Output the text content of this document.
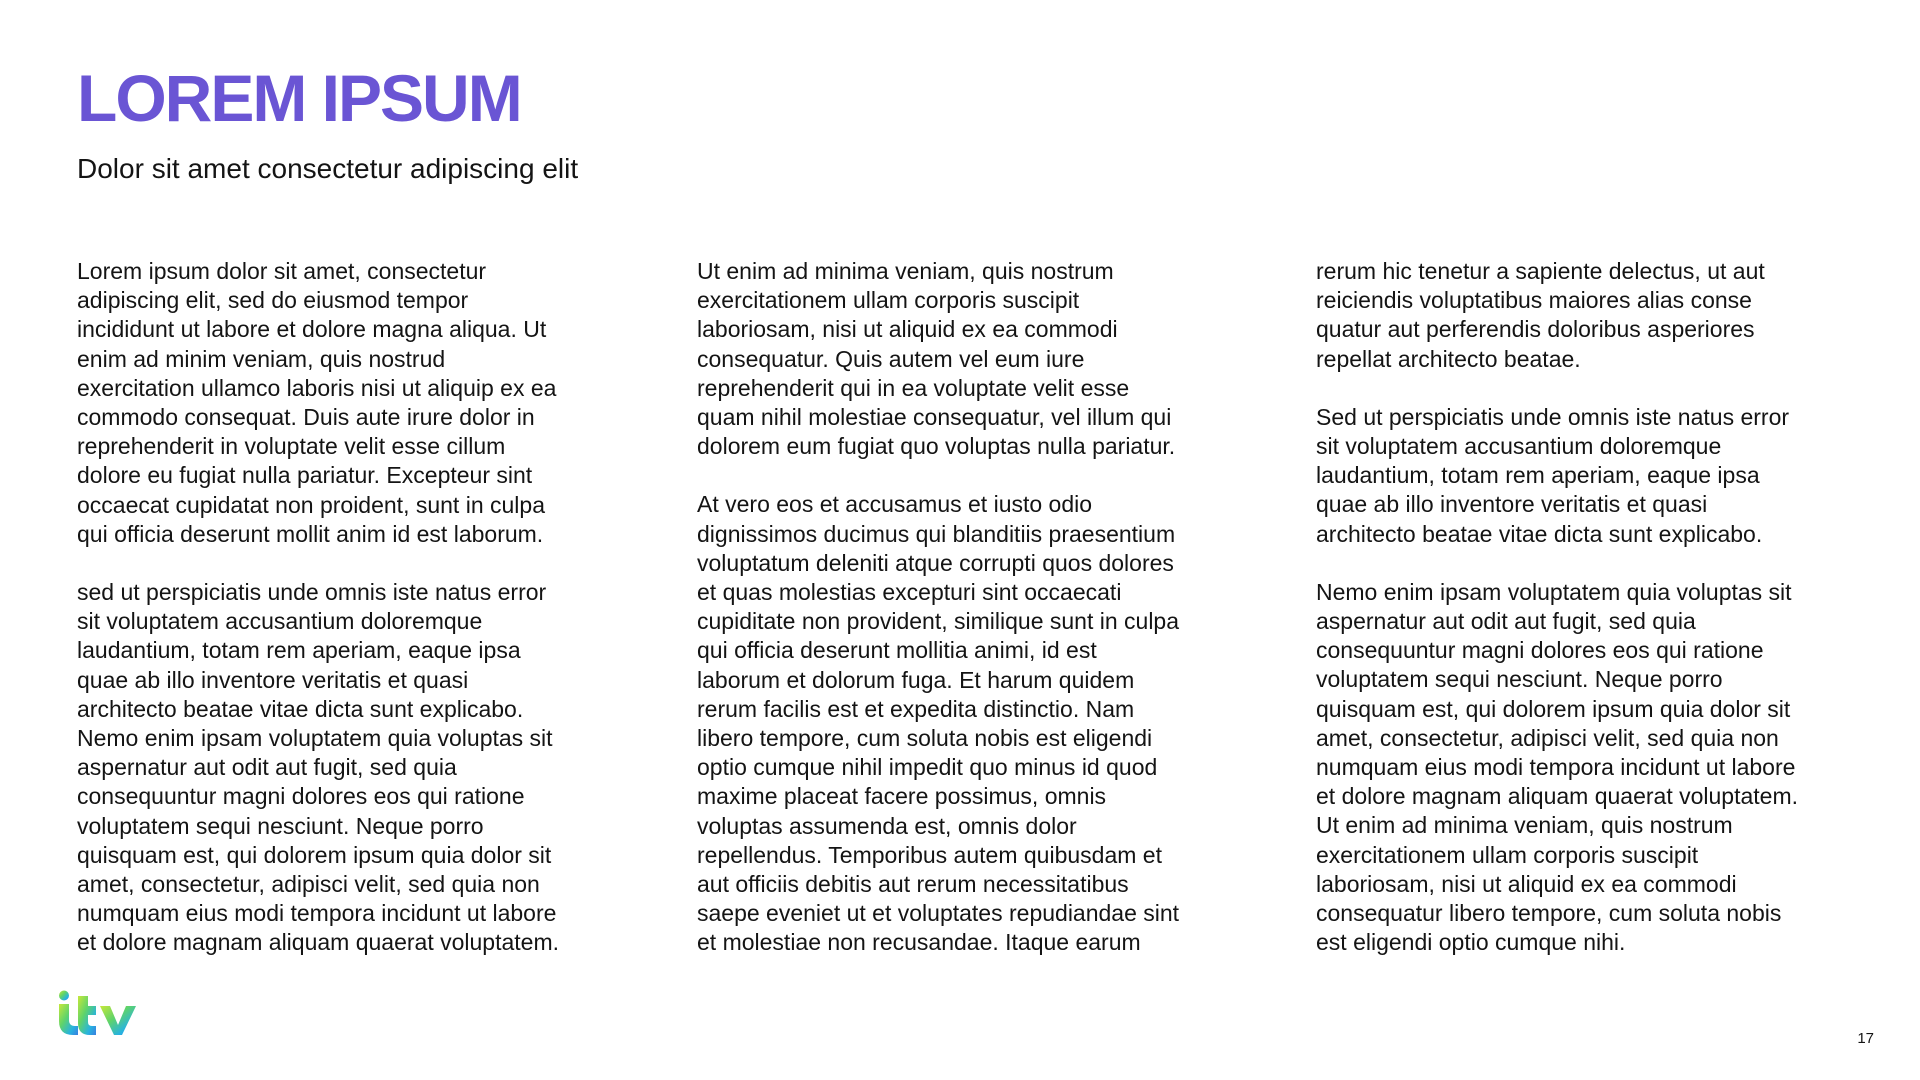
LOREM IPSUM
Dolor sit amet consectetur adipiscing elit

Lorem ipsum dolor sit amet, consectetur
adipiscing elit, sed do eiusmod tempor
incididunt ut labore et dolore magna aliqua. Ut
enim ad minim veniam, quis nostrud
exercitation ullamco laboris nisi ut aliquip ex ea
commodo consequat. Duis aute irure dolor in
reprehenderit in voluptate velit esse cillum
dolore eu fugiat nulla pariatur. Excepteur sint
occaecat cupidatat non proident, sunt in culpa
qui officia deserunt mollit anim id est laborum.

sed ut perspiciatis unde omnis iste natus error
sit voluptatem accusantium doloremque
laudantium, totam rem aperiam, eaque ipsa
quae ab illo inventore veritatis et quasi
architecto beatae vitae dicta sunt explicabo.
Nemo enim ipsam voluptatem quia voluptas sit
aspernatur aut odit aut fugit, sed quia
consequuntur magni dolores eos qui ratione
voluptatem sequi nesciunt. Neque porro
quisquam est, qui dolorem ipsum quia dolor sit
amet, consectetur, adipisci velit, sed quia non
numquam eius modi tempora incidunt ut labore
et dolore magnam aliquam quaerat voluptatem.

Ut enim ad minima veniam, quis nostrum
exercitationem ullam corporis suscipit
laboriosam, nisi ut aliquid ex ea commodi
consequatur. Quis autem vel eum iure
reprehenderit qui in ea voluptate velit esse
quam nihil molestiae consequatur, vel illum qui
dolorem eum fugiat quo voluptas nulla pariatur.

At vero eos et accusamus et iusto odio
dignissimos ducimus qui blanditiis praesentium
voluptatum deleniti atque corrupti quos dolores
et quas molestias excepturi sint occaecati
cupiditate non provident, similique sunt in culpa
qui officia deserunt mollitia animi, id est
laborum et dolorum fuga. Et harum quidem
rerum facilis est et expedita distinctio. Nam
libero tempore, cum soluta nobis est eligendi
optio cumque nihil impedit quo minus id quod
maxime placeat facere possimus, omnis
voluptas assumenda est, omnis dolor
repellendus. Temporibus autem quibusdam et
aut officiis debitis aut rerum necessitatibus
saepe eveniet ut et voluptates repudiandae sint
et molestiae non recusandae. Itaque earum

rerum hic tenetur a sapiente delectus, ut aut
reiciendis voluptatibus maiores alias conse
quatur aut perferendis doloribus asperiores
repellat architecto beatae.

Sed ut perspiciatis unde omnis iste natus error
sit voluptatem accusantium doloremque
laudantium, totam rem aperiam, eaque ipsa
quae ab illo inventore veritatis et quasi
architecto beatae vitae dicta sunt explicabo.

Nemo enim ipsam voluptatem quia voluptas sit
aspernatur aut odit aut fugit, sed quia
consequuntur magni dolores eos qui ratione
voluptatem sequi nesciunt. Neque porro
quisquam est, qui dolorem ipsum quia dolor sit
amet, consectetur, adipisci velit, sed quia non
numquam eius modi tempora incidunt ut labore
et dolore magnam aliquam quaerat voluptatem.
Ut enim ad minima veniam, quis nostrum
exercitationem ullam corporis suscipit
laboriosam, nisi ut aliquid ex ea commodi
consequatur libero tempore, cum soluta nobis
est eligendi optio cumque nihi.

17
